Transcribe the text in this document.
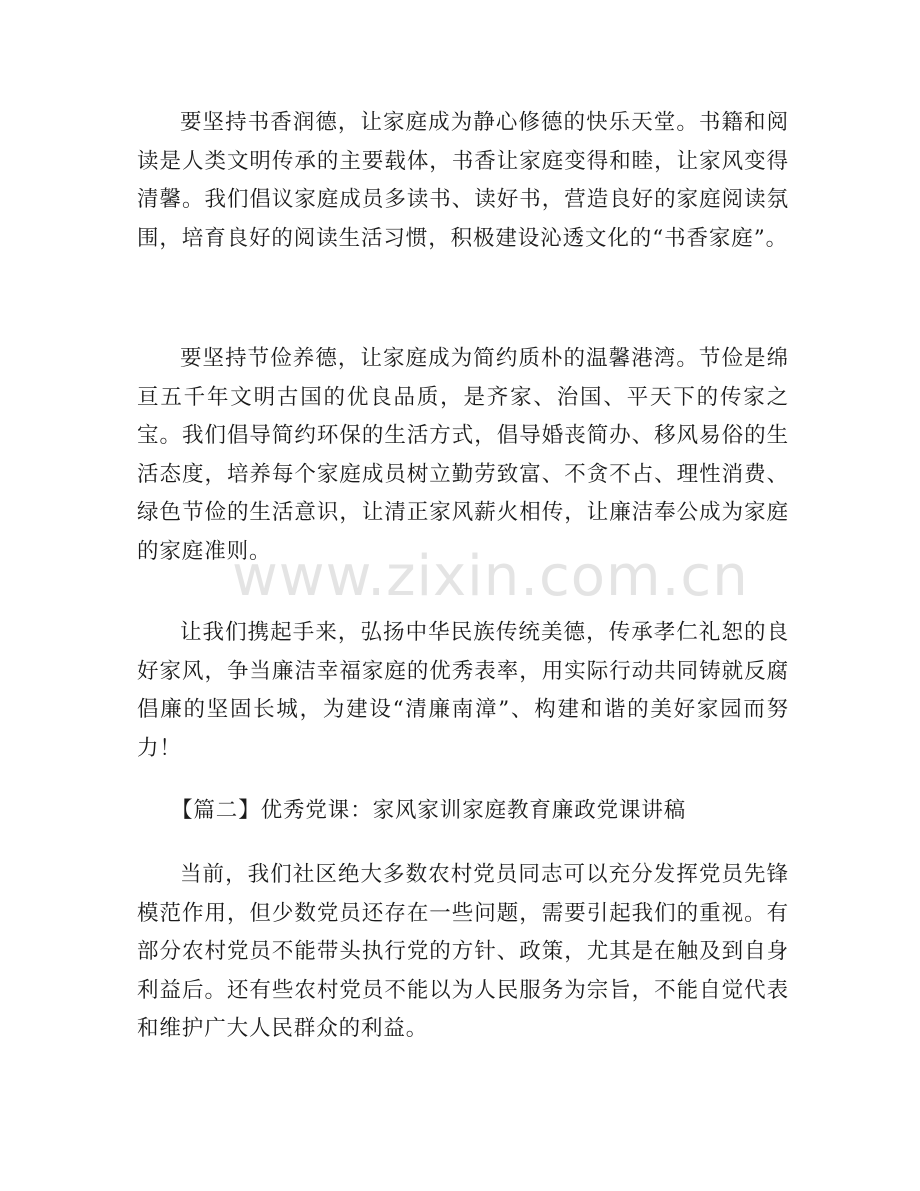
要坚持书香润德，让家庭成为静心修德的快乐天堂。书籍和阅读是人类文明传承的主要载体，书香让家庭变得和睦，让家风变得清馨。我们倡议家庭成员多读书、读好书，营造良好的家庭阅读氛围，培育良好的阅读生活习惯，积极建设沁透文化的“书香家庭”。

要坚持节俭养德，让家庭成为简约质朴的温馨港湾。节俭是绵亘五千年文明古国的优良品质，是齐家、治国、平天下的传家之宝。我们倡导简约环保的生活方式，倡导婚丧简办、移风易俗的生活态度，培养每个家庭成员树立勤劳致富、不贪不占、理性消费、绿色节俭的生活意识，让清正家风薪火相传，让廉洁奉公成为家庭的家庭准则。

让我们携起手来，弘扬中华民族传统美德，传承孝仁礼恕的良好家风，争当廉洁幸福家庭的优秀表率，用实际行动共同铸就反腐倡廉的坚固长城，为建设“清廉南漳”、构建和谐的美好家园而努力！

【篇二】优秀党课：家风家训家庭教育廉政党课讲稿

当前，我们社区绝大多数农村党员同志可以充分发挥党员先锋模范作用，但少数党员还存在一些问题，需要引起我们的重视。有部分农村党员不能带头执行党的方针、政策，尤其是在触及到自身利益后。还有些农村党员不能以为人民服务为宗旨，不能自觉代表和维护广大人民群众的利益。

www.zixin.com.cn
